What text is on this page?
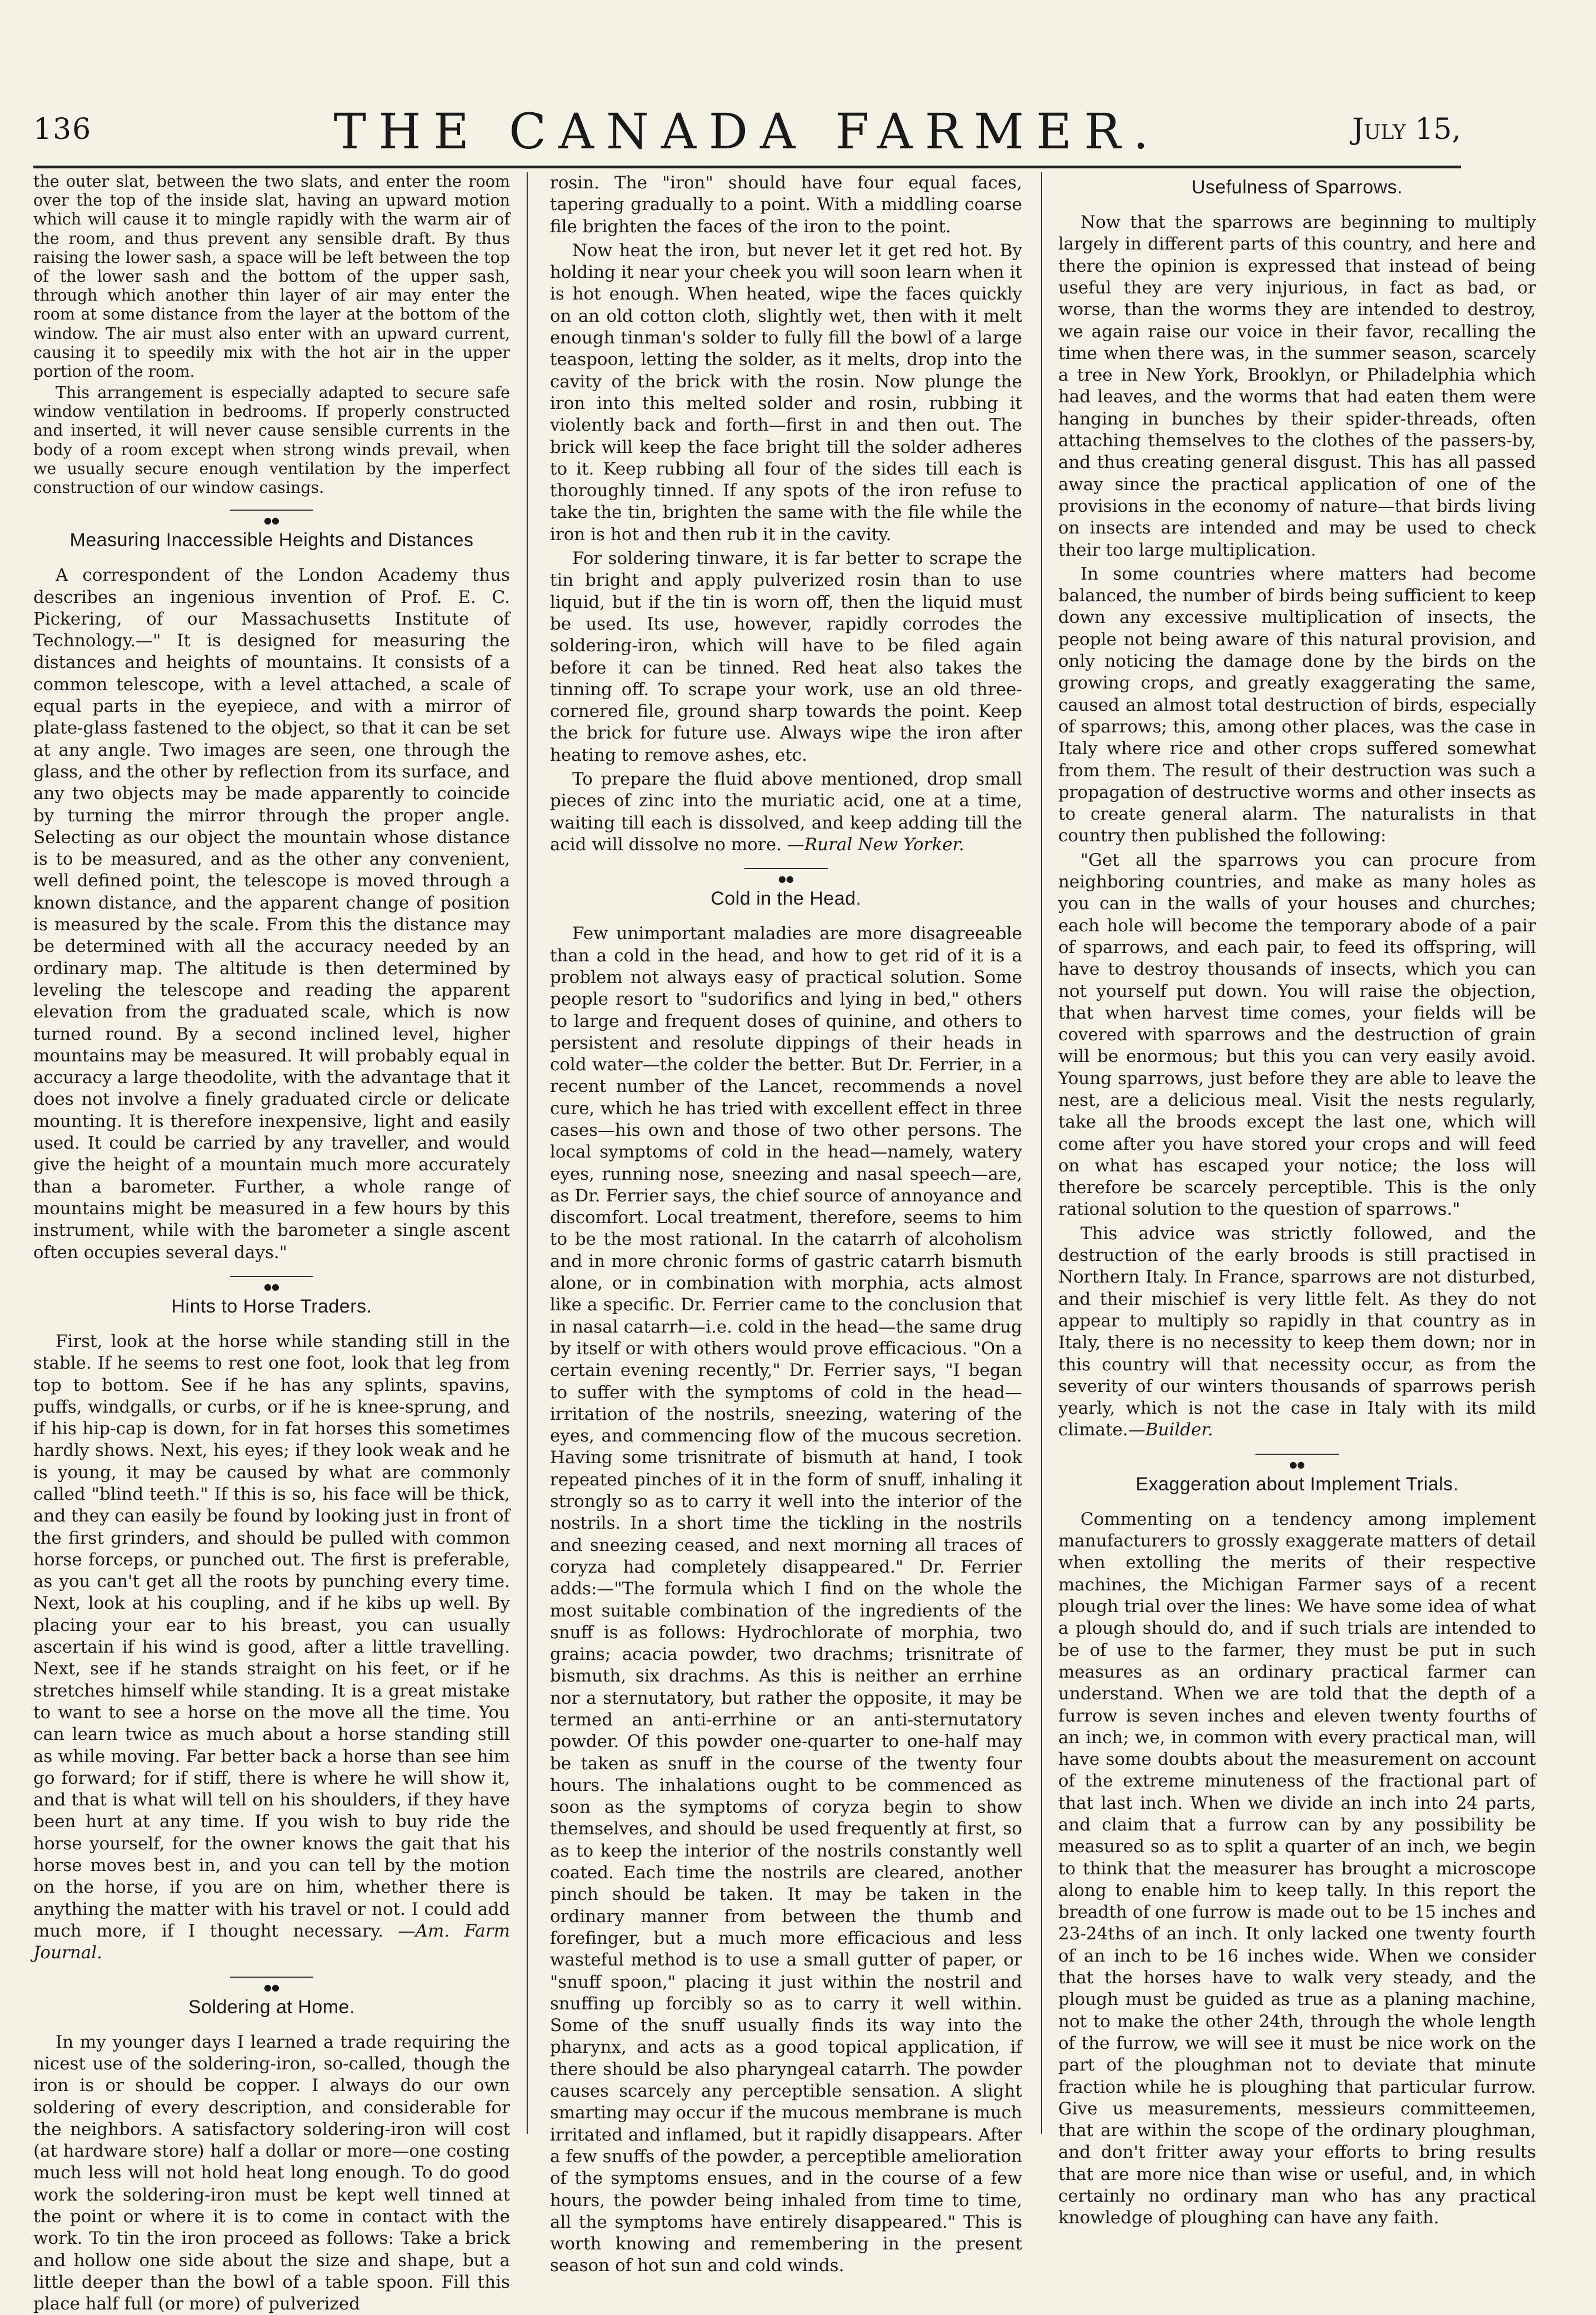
136	THE CANADA FARMER.	July 15,

the outer slat, between the two slats, and enter the room over the top of the inside slat, having an upward motion which will cause it to mingle rapidly with the warm air of the room, and thus prevent any sensible draft. By thus raising the lower sash, a space will be left between the top of the lower sash and the bottom of the upper sash, through which another thin layer of air may enter the room at some distance from the layer at the bottom of the window. The air must also enter with an upward current, causing it to speedily mix with the hot air in the upper portion of the room.

This arrangement is especially adapted to secure safe window ventilation in bedrooms. If properly constructed and inserted, it will never cause sensible currents in the body of a room except when strong winds prevail, when we usually secure enough ventilation by the imperfect construction of our window casings.

●●
Measuring Inaccessible Heights and Distances

A correspondent of the London Academy thus describes an ingenious invention of Prof. E. C. Pickering, of our Massachusetts Institute of Technology.—" It is designed for measuring the distances and heights of mountains. It consists of a common telescope, with a level attached, a scale of equal parts in the eyepiece, and with a mirror of plate-glass fastened to the object, so that it can be set at any angle. Two images are seen, one through the glass, and the other by reflection from its surface, and any two objects may be made apparently to coincide by turning the mirror through the proper angle. Selecting as our object the mountain whose distance is to be measured, and as the other any convenient, well defined point, the telescope is moved through a known distance, and the apparent change of position is measured by the scale. From this the distance may be determined with all the accuracy needed by an ordinary map. The altitude is then determined by leveling the telescope and reading the apparent elevation from the graduated scale, which is now turned round. By a second inclined level, higher mountains may be measured. It will probably equal in accuracy a large theodolite, with the advantage that it does not involve a finely graduated circle or delicate mounting. It is therefore inexpensive, light and easily used. It could be carried by any traveller, and would give the height of a mountain much more accurately than a barometer. Further, a whole range of mountains might be measured in a few hours by this instrument, while with the barometer a single ascent often occupies several days."

●●
Hints to Horse Traders.

First, look at the horse while standing still in the stable. If he seems to rest one foot, look that leg from top to bottom. See if he has any splints, spavins, puffs, windgalls, or curbs, or if he is knee-sprung, and if his hip-cap is down, for in fat horses this sometimes hardly shows. Next, his eyes; if they look weak and he is young, it may be caused by what are commonly called "blind teeth." If this is so, his face will be thick, and they can easily be found by looking just in front of the first grinders, and should be pulled with common horse forceps, or punched out. The first is preferable, as you can't get all the roots by punching every time. Next, look at his coupling, and if he kibs up well. By placing your ear to his breast, you can usually ascertain if his wind is good, after a little travelling. Next, see if he stands straight on his feet, or if he stretches himself while standing. It is a great mistake to want to see a horse on the move all the time. You can learn twice as much about a horse standing still as while moving. Far better back a horse than see him go forward; for if stiff, there is where he will show it, and that is what will tell on his shoulders, if they have been hurt at any time. If you wish to buy ride the horse yourself, for the owner knows the gait that his horse moves best in, and you can tell by the motion on the horse, if you are on him, whether there is anything the matter with his travel or not. I could add much more, if I thought necessary. —Am. Farm Journal.

●●
Soldering at Home.

In my younger days I learned a trade requiring the nicest use of the soldering-iron, so-called, though the iron is or should be copper. I always do our own soldering of every description, and considerable for the neighbors. A satisfactory soldering-iron will cost (at hardware store) half a dollar or more—one costing much less will not hold heat long enough. To do good work the soldering-iron must be kept well tinned at the point or where it is to come in contact with the work. To tin the iron proceed as follows: Take a brick and hollow one side about the size and shape, but a little deeper than the bowl of a table spoon. Fill this place half full (or more) of pulverized

rosin. The "iron" should have four equal faces, tapering gradually to a point. With a middling coarse file brighten the faces of the iron to the point.

Now heat the iron, but never let it get red hot. By holding it near your cheek you will soon learn when it is hot enough. When heated, wipe the faces quickly on an old cotton cloth, slightly wet, then with it melt enough tinman's solder to fully fill the bowl of a large teaspoon, letting the solder, as it melts, drop into the cavity of the brick with the rosin. Now plunge the iron into this melted solder and rosin, rubbing it violently back and forth—first in and then out. The brick will keep the face bright till the solder adheres to it. Keep rubbing all four of the sides till each is thoroughly tinned. If any spots of the iron refuse to take the tin, brighten the same with the file while the iron is hot and then rub it in the cavity.

For soldering tinware, it is far better to scrape the tin bright and apply pulverized rosin than to use liquid, but if the tin is worn off, then the liquid must be used. Its use, however, rapidly corrodes the soldering-iron, which will have to be filed again before it can be tinned. Red heat also takes the tinning off. To scrape your work, use an old three-cornered file, ground sharp towards the point. Keep the brick for future use. Always wipe the iron after heating to remove ashes, etc.

To prepare the fluid above mentioned, drop small pieces of zinc into the muriatic acid, one at a time, waiting till each is dissolved, and keep adding till the acid will dissolve no more. —Rural New Yorker.

●●
Cold in the Head.

Few unimportant maladies are more disagreeable than a cold in the head, and how to get rid of it is a problem not always easy of practical solution. Some people resort to "sudorifics and lying in bed," others to large and frequent doses of quinine, and others to persistent and resolute dippings of their heads in cold water—the colder the better. But Dr. Ferrier, in a recent number of the Lancet, recommends a novel cure, which he has tried with excellent effect in three cases—his own and those of two other persons. The local symptoms of cold in the head—namely, watery eyes, running nose, sneezing and nasal speech—are, as Dr. Ferrier says, the chief source of annoyance and discomfort. Local treatment, therefore, seems to him to be the most rational. In the catarrh of alcoholism and in more chronic forms of gastric catarrh bismuth alone, or in combination with morphia, acts almost like a specific. Dr. Ferrier came to the conclusion that in nasal catarrh—i.e. cold in the head—the same drug by itself or with others would prove efficacious. "On a certain evening recently," Dr. Ferrier says, "I began to suffer with the symptoms of cold in the head—irritation of the nostrils, sneezing, watering of the eyes, and commencing flow of the mucous secretion. Having some trisnitrate of bismuth at hand, I took repeated pinches of it in the form of snuff, inhaling it strongly so as to carry it well into the interior of the nostrils. In a short time the tickling in the nostrils and sneezing ceased, and next morning all traces of coryza had completely disappeared." Dr. Ferrier adds:—"The formula which I find on the whole the most suitable combination of the ingredients of the snuff is as follows: Hydrochlorate of morphia, two grains; acacia powder, two drachms; trisnitrate of bismuth, six drachms. As this is neither an errhine nor a sternutatory, but rather the opposite, it may be termed an anti-errhine or an anti-sternutatory powder. Of this powder one-quarter to one-half may be taken as snuff in the course of the twenty four hours. The inhalations ought to be commenced as soon as the symptoms of coryza begin to show themselves, and should be used frequently at first, so as to keep the interior of the nostrils constantly well coated. Each time the nostrils are cleared, another pinch should be taken. It may be taken in the ordinary manner from between the thumb and forefinger, but a much more efficacious and less wasteful method is to use a small gutter of paper, or "snuff spoon," placing it just within the nostril and snuffing up forcibly so as to carry it well within. Some of the snuff usually finds its way into the pharynx, and acts as a good topical application, if there should be also pharyngeal catarrh. The powder causes scarcely any perceptible sensation. A slight smarting may occur if the mucous membrane is much irritated and inflamed, but it rapidly disappears. After a few snuffs of the powder, a perceptible amelioration of the symptoms ensues, and in the course of a few hours, the powder being inhaled from time to time, all the symptoms have entirely disappeared." This is worth knowing and remembering in the present season of hot sun and cold winds.

Usefulness of Sparrows.

Now that the sparrows are beginning to multiply largely in different parts of this country, and here and there the opinion is expressed that instead of being useful they are very injurious, in fact as bad, or worse, than the worms they are intended to destroy, we again raise our voice in their favor, recalling the time when there was, in the summer season, scarcely a tree in New York, Brooklyn, or Philadelphia which had leaves, and the worms that had eaten them were hanging in bunches by their spider-threads, often attaching themselves to the clothes of the passers-by, and thus creating general disgust. This has all passed away since the practical application of one of the provisions in the economy of nature—that birds living on insects are intended and may be used to check their too large multiplication.

In some countries where matters had become balanced, the number of birds being sufficient to keep down any excessive multiplication of insects, the people not being aware of this natural provision, and only noticing the damage done by the birds on the growing crops, and greatly exaggerating the same, caused an almost total destruction of birds, especially of sparrows; this, among other places, was the case in Italy where rice and other crops suffered somewhat from them. The result of their destruction was such a propagation of destructive worms and other insects as to create general alarm. The naturalists in that country then published the following:

"Get all the sparrows you can procure from neighboring countries, and make as many holes as you can in the walls of your houses and churches; each hole will become the temporary abode of a pair of sparrows, and each pair, to feed its offspring, will have to destroy thousands of insects, which you can not yourself put down. You will raise the objection, that when harvest time comes, your fields will be covered with sparrows and the destruction of grain will be enormous; but this you can very easily avoid. Young sparrows, just before they are able to leave the nest, are a delicious meal. Visit the nests regularly, take all the broods except the last one, which will come after you have stored your crops and will feed on what has escaped your notice; the loss will therefore be scarcely perceptible. This is the only rational solution to the question of sparrows."

This advice was strictly followed, and the destruction of the early broods is still practised in Northern Italy. In France, sparrows are not disturbed, and their mischief is very little felt. As they do not appear to multiply so rapidly in that country as in Italy, there is no necessity to keep them down; nor in this country will that necessity occur, as from the severity of our winters thousands of sparrows perish yearly, which is not the case in Italy with its mild climate.—Builder.

●●
Exaggeration about Implement Trials.

Commenting on a tendency among implement manufacturers to grossly exaggerate matters of detail when extolling the merits of their respective machines, the Michigan Farmer says of a recent plough trial over the lines: We have some idea of what a plough should do, and if such trials are intended to be of use to the farmer, they must be put in such measures as an ordinary practical farmer can understand. When we are told that the depth of a furrow is seven inches and eleven twenty fourths of an inch; we, in common with every practical man, will have some doubts about the measurement on account of the extreme minuteness of the fractional part of that last inch. When we divide an inch into 24 parts, and claim that a furrow can by any possibility be measured so as to split a quarter of an inch, we begin to think that the measurer has brought a microscope along to enable him to keep tally. In this report the breadth of one furrow is made out to be 15 inches and 23-24ths of an inch. It only lacked one twenty fourth of an inch to be 16 inches wide. When we consider that the horses have to walk very steady, and the plough must be guided as true as a planing machine, not to make the other 24th, through the whole length of the furrow, we will see it must be nice work on the part of the ploughman not to deviate that minute fraction while he is ploughing that particular furrow. Give us measurements, messieurs committeemen, that are within the scope of the ordinary ploughman, and don't fritter away your efforts to bring results that are more nice than wise or useful, and, in which certainly no ordinary man who has any practical knowledge of ploughing can have any faith.
